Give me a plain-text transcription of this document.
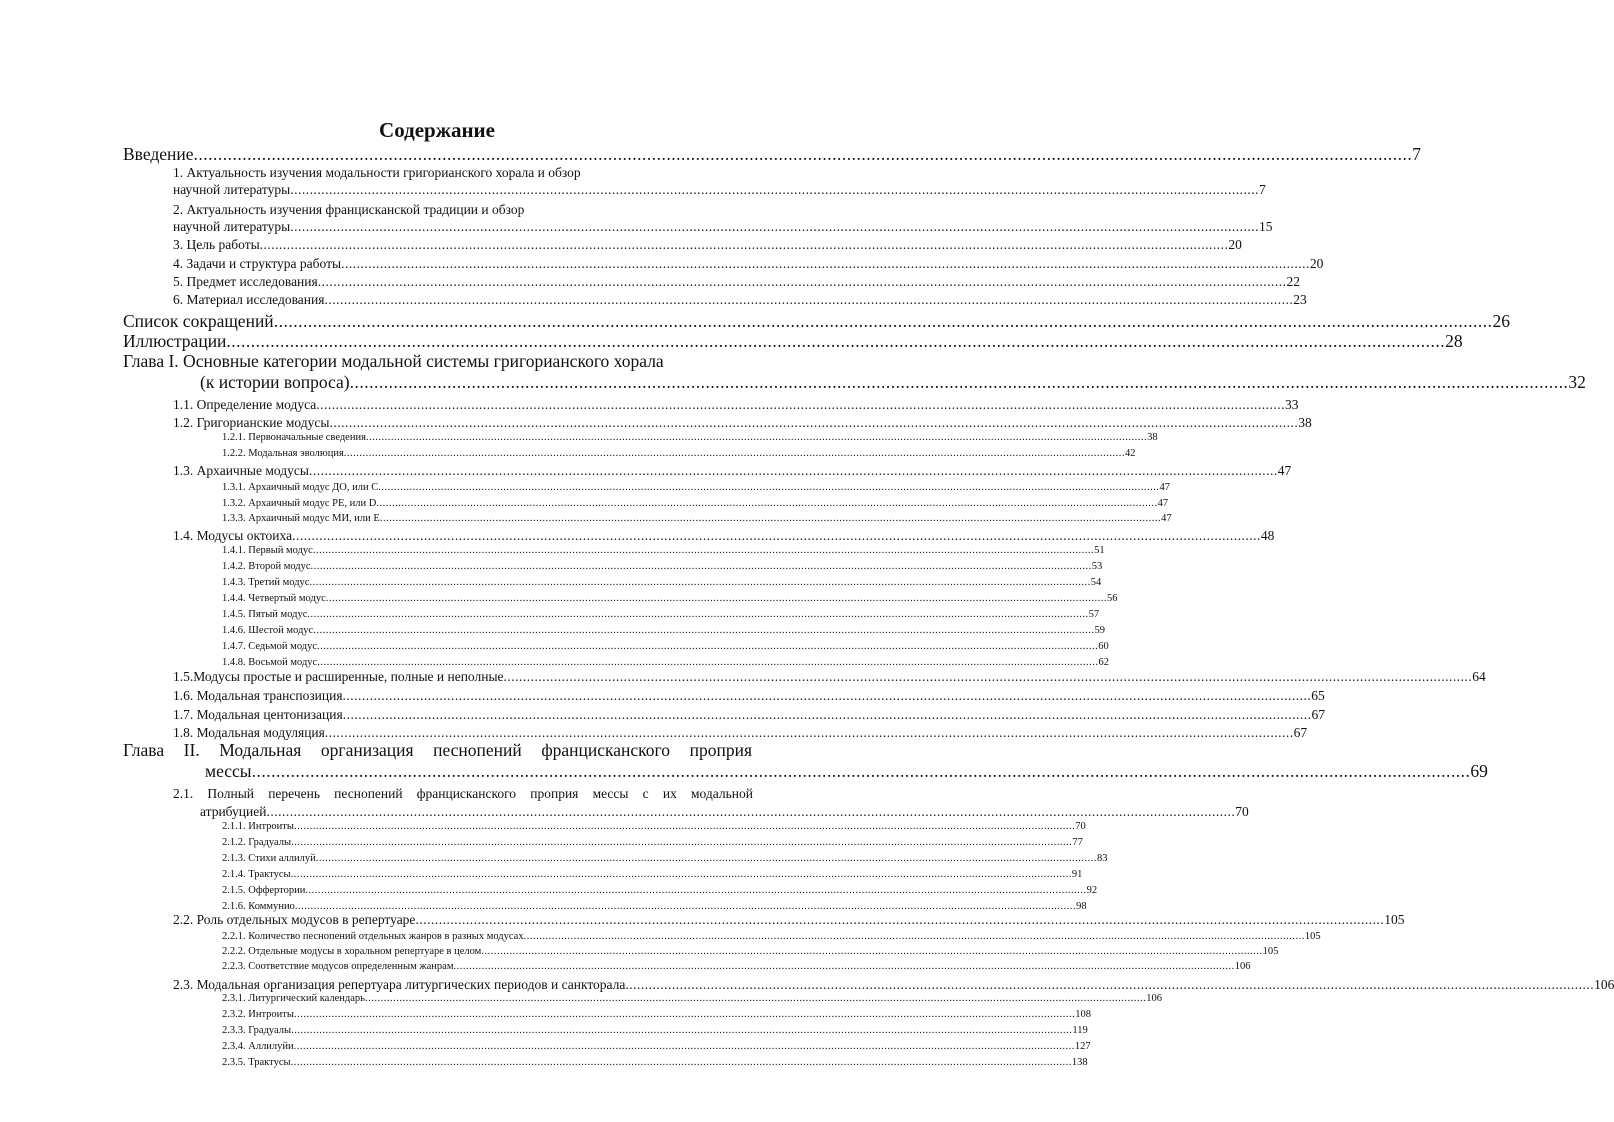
Содержание
Введение .......................................................................................................................................................................................................................................................... 7
1. Актуальность изучения модальности григорианского хорала и обзор
научной литературы .......................................................................................................................................................................................................................................................... 7
2. Актуальность изучения францисканской традиции и обзор
научной литературы .......................................................................................................................................................................................................................................................... 15
3. Цель работы .......................................................................................................................................................................................................................................................... 20
4. Задачи и структура работы .......................................................................................................................................................................................................................................................... 20
5. Предмет исследования .......................................................................................................................................................................................................................................................... 22
6. Материал исследования .......................................................................................................................................................................................................................................................... 23
Список сокращений .......................................................................................................................................................................................................................................................... 26
Иллюстрации .......................................................................................................................................................................................................................................................... 28
Глава I. Основные категории модальной системы григорианского хорала
(к истории вопроса) .......................................................................................................................................................................................................................................................... 32
1.1. Определение модуса .......................................................................................................................................................................................................................................................... 33
1.2. Григорианские модусы .......................................................................................................................................................................................................................................................... 38
1.2.1. Первоначальные сведения .......................................................................................................................................................................................................................................................... 38
1.2.2. Модальная эволюция .......................................................................................................................................................................................................................................................... 42
1.3. Архаичные модусы .......................................................................................................................................................................................................................................................... 47
1.3.1. Архаичный модус ДО, или С .......................................................................................................................................................................................................................................................... 47
1.3.2. Архаичный модус РЕ, или D .......................................................................................................................................................................................................................................................... 47
1.3.3. Архаичный модус МИ, или Е .......................................................................................................................................................................................................................................................... 47
1.4. Модусы октоиха .......................................................................................................................................................................................................................................................... 48
1.4.1. Первый модус .......................................................................................................................................................................................................................................................... 51
1.4.2. Второй модус .......................................................................................................................................................................................................................................................... 53
1.4.3. Третий модус .......................................................................................................................................................................................................................................................... 54
1.4.4. Четвертый модус .......................................................................................................................................................................................................................................................... 56
1.4.5. Пятый модус .......................................................................................................................................................................................................................................................... 57
1.4.6. Шестой модус .......................................................................................................................................................................................................................................................... 59
1.4.7. Седьмой модус .......................................................................................................................................................................................................................................................... 60
1.4.8. Восьмой модус .......................................................................................................................................................................................................................................................... 62
1.5.Модусы простые и расширенные, полные и неполные .......................................................................................................................................................................................................................................................... 64
1.6. Модальная транспозиция .......................................................................................................................................................................................................................................................... 65
1.7. Модальная центонизация .......................................................................................................................................................................................................................................................... 67
1.8. Модальная модуляция .......................................................................................................................................................................................................................................................... 67
Глава II. Модальная организация песнопений францисканского проприя
мессы .......................................................................................................................................................................................................................................................... 69
2.1. Полный перечень песнопений францисканского проприя мессы с их модальной
атрибуцией .......................................................................................................................................................................................................................................................... 70
2.1.1. Интроиты .......................................................................................................................................................................................................................................................... 70
2.1.2. Градуалы .......................................................................................................................................................................................................................................................... 77
2.1.3. Стихи аллилуй .......................................................................................................................................................................................................................................................... 83
2.1.4. Трактусы .......................................................................................................................................................................................................................................................... 91
2.1.5. Оффертории .......................................................................................................................................................................................................................................................... 92
2.1.6. Коммунио .......................................................................................................................................................................................................................................................... 98
2.2. Роль отдельных модусов в репертуаре .......................................................................................................................................................................................................................................................... 105
2.2.1. Количество песнопений отдельных жанров в разных модусах .......................................................................................................................................................................................................................................................... 105
2.2.2. Отдельные модусы в хоральном репертуаре в целом .......................................................................................................................................................................................................................................................... 105
2.2.3. Соответствие модусов определенным жанрам .......................................................................................................................................................................................................................................................... 106
2.3. Модальная организация репертуара литургических периодов и санкторала .......................................................................................................................................................................................................................................................... 106
2.3.1. Литургический календарь .......................................................................................................................................................................................................................................................... 106
2.3.2. Интроиты .......................................................................................................................................................................................................................................................... 108
2.3.3. Градуалы .......................................................................................................................................................................................................................................................... 119
2.3.4. Аллилуйи .......................................................................................................................................................................................................................................................... 127
2.3.5. Трактусы .......................................................................................................................................................................................................................................................... 138
